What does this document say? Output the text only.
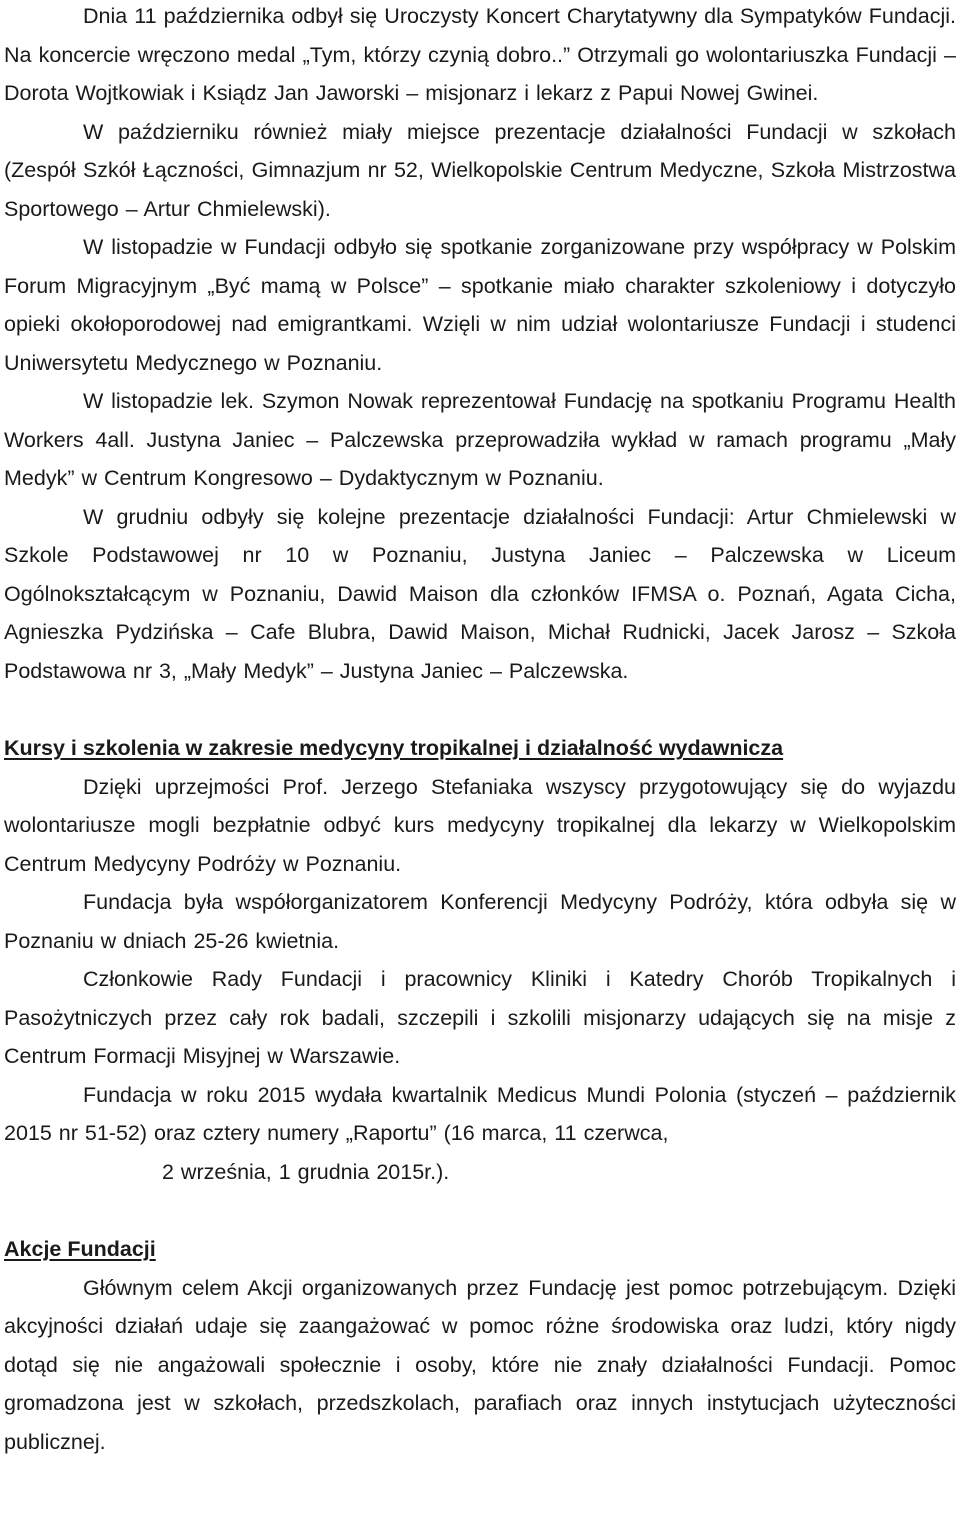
Dnia 11 października odbył się Uroczysty Koncert Charytatywny dla Sympatyków Fundacji. Na koncercie wręczono medal „Tym, którzy czynią dobro..” Otrzymali go wolontariuszka Fundacji – Dorota Wojtkowiak i Ksiądz Jan Jaworski – misjonarz i lekarz z Papui Nowej Gwinei.

W październiku również miały miejsce prezentacje działalności Fundacji w szkołach (Zespół Szkół Łączności, Gimnazjum nr 52, Wielkopolskie Centrum Medyczne, Szkoła Mistrzostwa Sportowego – Artur Chmielewski).

W listopadzie w Fundacji odbyło się spotkanie zorganizowane przy współpracy w Polskim Forum Migracyjnym „Być mamą w Polsce” – spotkanie miało charakter szkoleniowy i dotyczyło opieki okołoporodowej nad emigrantkami. Wzięli w nim udział wolontariusze Fundacji i studenci Uniwersytetu Medycznego w Poznaniu.

W listopadzie lek. Szymon Nowak reprezentował Fundację na spotkaniu Programu Health Workers 4all. Justyna Janiec – Palczewska przeprowadziła wykład w ramach programu „Mały Medyk” w Centrum Kongresowo – Dydaktycznym w Poznaniu.

W grudniu odbyły się kolejne prezentacje działalności Fundacji: Artur Chmielewski w Szkole Podstawowej nr 10 w Poznaniu, Justyna Janiec – Palczewska w Liceum Ogólnokształcącym w Poznaniu, Dawid Maison dla członków IFMSA o. Poznań, Agata Cicha, Agnieszka Pydzińska – Cafe Blubra, Dawid Maison, Michał Rudnicki, Jacek Jarosz – Szkoła Podstawowa nr 3, „Mały Medyk” – Justyna Janiec – Palczewska.

Kursy i szkolenia w zakresie medycyny tropikalnej i działalność wydawnicza

Dzięki uprzejmości Prof. Jerzego Stefaniaka wszyscy przygotowujący się do wyjazdu wolontariusze mogli bezpłatnie odbyć kurs medycyny tropikalnej dla lekarzy w Wielkopolskim Centrum Medycyny Podróży w Poznaniu.

Fundacja była współorganizatorem Konferencji Medycyny Podróży, która odbyła się w Poznaniu w dniach 25-26 kwietnia.

Członkowie Rady Fundacji i pracownicy Kliniki i Katedry Chorób Tropikalnych i Pasożytniczych przez cały rok badali, szczepili i szkolili misjonarzy udających się na misje z Centrum Formacji Misyjnej w Warszawie.

Fundacja w roku 2015 wydała kwartalnik Medicus Mundi Polonia (styczeń – październik 2015 nr 51-52) oraz cztery numery „Raportu” (16 marca, 11 czerwca,
2 września, 1 grudnia 2015r.).

Akcje Fundacji

Głównym celem Akcji organizowanych przez Fundację jest pomoc potrzebującym. Dzięki akcyjności działań udaje się zaangażować w pomoc różne środowiska oraz ludzi, który nigdy dotąd się nie angażowali społecznie i osoby, które nie znały działalności Fundacji. Pomoc gromadzona jest w szkołach, przedszkolach, parafiach oraz innych instytucjach użyteczności publicznej.
